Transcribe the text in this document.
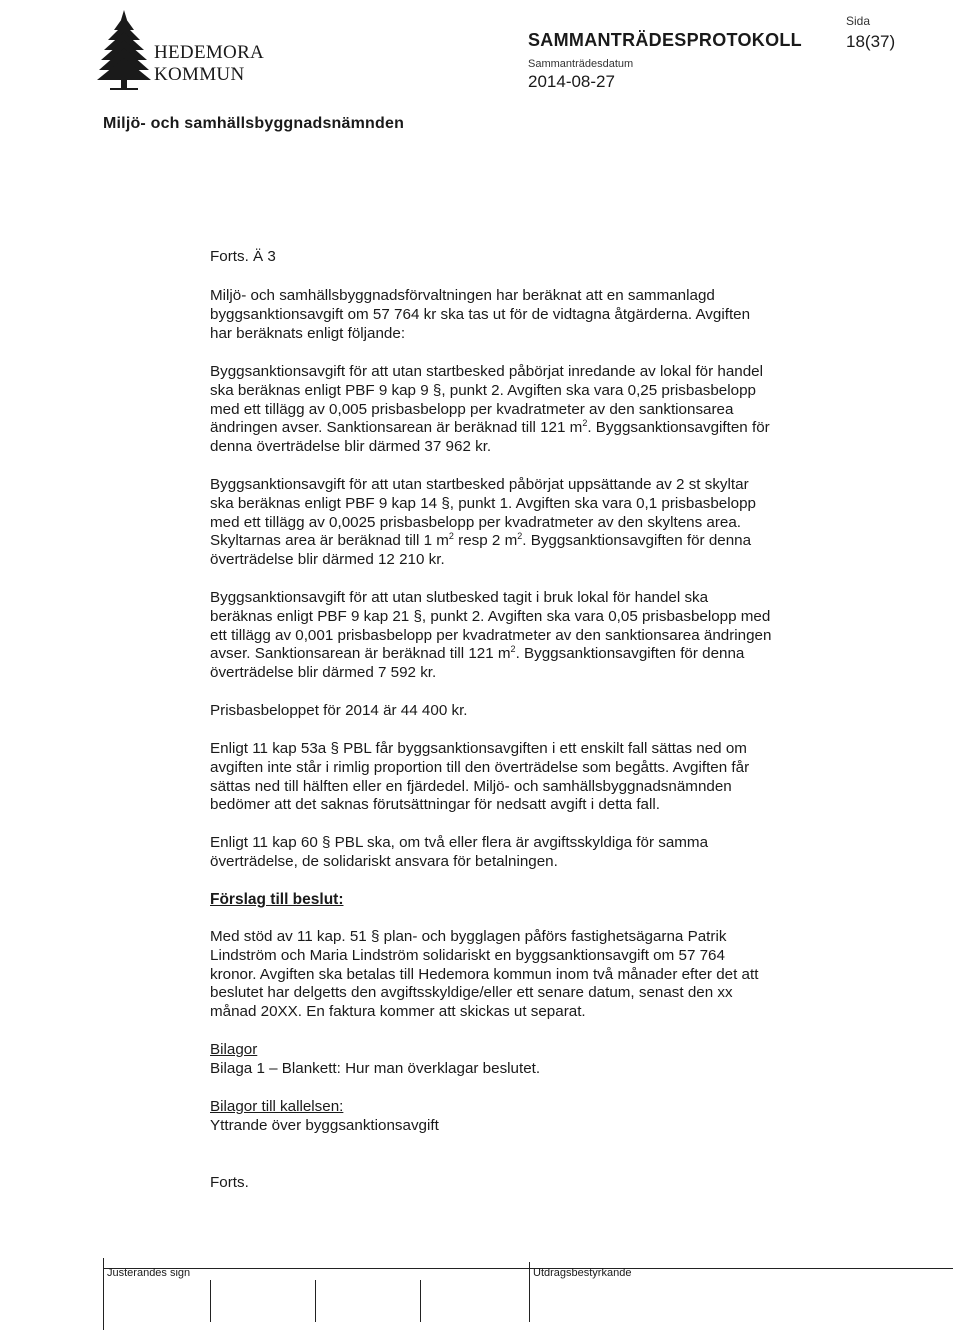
HEDEMORA
KOMMUN
SAMMANTRÄDESPROTOKOLL
Sammanträdesdatum
2014-08-27
Sida
18(37)
Miljö- och samhällsbyggnadsnämnden
Forts. Ä 3

Miljö- och samhällsbyggnadsförvaltningen har beräknat att en sammanlagd

byggsanktionsavgift om 57 764 kr ska tas ut för de vidtagna åtgärderna. Avgiften

har beräknats enligt följande:

Byggsanktionsavgift för att utan startbesked påbörjat inredande av lokal för handel

ska beräknas enligt PBF 9 kap 9 §, punkt 2. Avgiften ska vara 0,25 prisbasbelopp

med ett tillägg av 0,005 prisbasbelopp per kvadratmeter av den sanktionsarea

ändringen avser. Sanktionsarean är beräknad till 121 $m^2$. Byggsanktionsavgiften för

denna överträdelse blir därmed 37 962 kr.

Byggsanktionsavgift för att utan startbesked påbörjat uppsättande av 2 st skyltar

ska beräknas enligt PBF 9 kap 14 §, punkt 1. Avgiften ska vara 0,1 prisbasbelopp

med ett tillägg av 0,0025 prisbasbelopp per kvadratmeter av den skyltens area.

Skyltarnas area är beräknad till 1 $m^2$ resp 2 $m^2$. Byggsanktionsavgiften för denna

överträdelse blir därmed 12 210 kr.

Byggsanktionsavgift för att utan slutbesked tagit i bruk lokal för handel ska

beräknas enligt PBF 9 kap 21 §, punkt 2. Avgiften ska vara 0,05 prisbasbelopp med

ett tillägg av 0,001 prisbasbelopp per kvadratmeter av den sanktionsarea ändringen

avser. Sanktionsarean är beräknad till 121 $m^2$. Byggsanktionsavgiften för denna

överträdelse blir därmed 7 592 kr.

Prisbasbeloppet för 2014 är 44 400 kr.

Enligt 11 kap 53a § PBL får byggsanktionsavgiften i ett enskilt fall sättas ned om

avgiften inte står i rimlig proportion till den överträdelse som begåtts. Avgiften får

sättas ned till hälften eller en fjärdedel. Miljö- och samhällsbyggnadsnämnden

bedömer att det saknas förutsättningar för nedsatt avgift i detta fall.

Enligt 11 kap 60 § PBL ska, om två eller flera är avgiftsskyldiga för samma

överträdelse, de solidariskt ansvara för betalningen.

Förslag till beslut:

Med stöd av 11 kap. 51 § plan- och bygglagen påförs fastighetsägarna Patrik

Lindström och Maria Lindström solidariskt en byggsanktionsavgift om 57 764

kronor. Avgiften ska betalas till Hedemora kommun inom två månader efter det att

beslutet har delgetts den avgiftsskyldige/eller ett senare datum, senast den xx

månad 20XX. En faktura kommer att skickas ut separat.

Bilagor

Bilaga 1 – Blankett: Hur man överklagar beslutet.

Bilagor till kallelsen:

Yttrande över byggsanktionsavgift

Forts.
Justerandes sign	Utdragsbestyrkande
